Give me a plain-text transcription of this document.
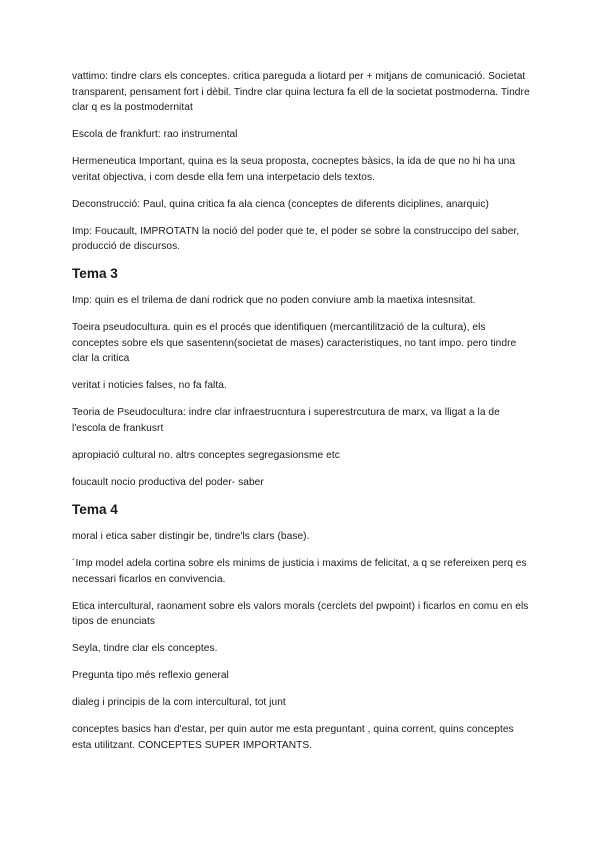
vattimo: tindre clars els conceptes. critica pareguda a liotard per + mitjans de comunicació. Societat transparent, pensament fort i dèbil. Tindre clar quina lectura fa ell de la societat postmoderna. Tindre clar q es la postmodernitat

Escola de frankfurt: rao instrumental

Hermeneutica Important, quina es la seua proposta, cocneptes bàsics, la ida de que no hi ha una veritat objectiva, i com desde ella fem una interpetacio dels textos.

Deconstrucció: Paul, quina critica fa ala cienca (conceptes de diferents diciplines, anarquic)

Imp: Foucault, IMPROTATN la noció del poder que te, el poder se sobre la construccipo del saber, producció de discursos.

Tema 3

Imp: quin es el trilema de dani rodrick que no poden conviure amb la maetixa intesnsitat.

Toeira pseudocultura. quin es el procés que identifiquen (mercantilització de la cultura), els conceptes sobre els que sasentenn(societat de mases) caracteristiques, no tant impo. pero tindre clar la critica

veritat i noticies falses, no fa falta.

Teoria de Pseudocultura: indre clar infraestrucntura i superestrcutura de marx, va lligat a la de l'escola de frankusrt

apropiació cultural no. altrs conceptes segregasionsme etc

foucault nocio productiva del poder- saber

Tema 4

moral i etica saber distingir be, tindre'ls clars (base).

´Imp model adela cortina sobre els minims de justicia i maxims de felicitat, a q se refereixen perq es necessari ficarlos en convivencia.

Etica intercultural, raonament sobre els valors morals (cerclets del pwpoint) i ficarlos en comu en els tipos de enunciats

Seyla, tindre clar els conceptes.

Pregunta tipo més reflexio general

dialeg i principis de la com intercultural, tot junt

conceptes basics han d'estar, per quin autor me esta preguntant , quina corrent, quins conceptes esta utilitzant. CONCEPTES SUPER IMPORTANTS.
